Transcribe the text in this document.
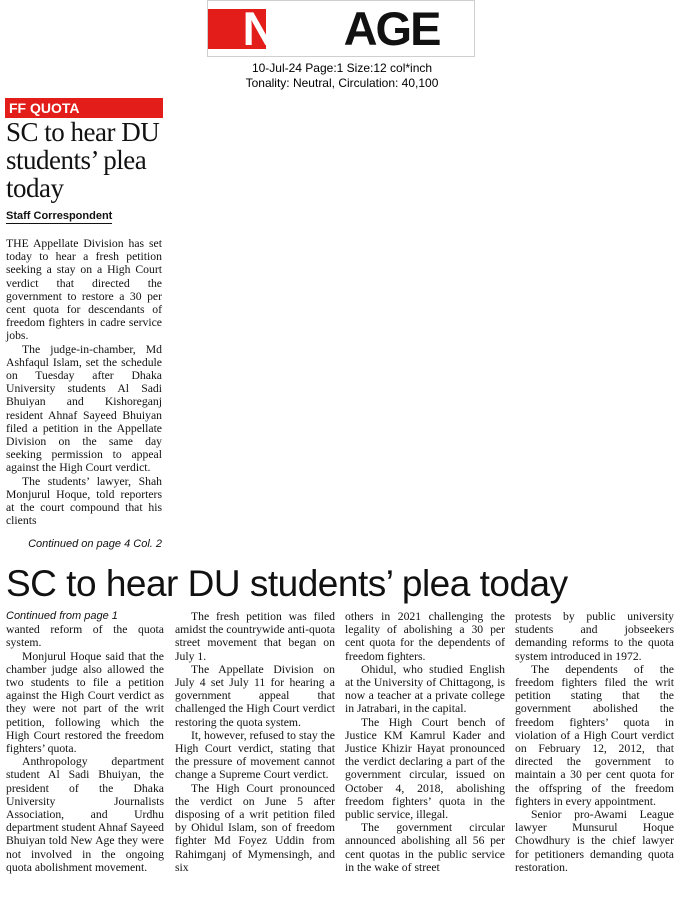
NEWAGE
10-Jul-24 Page:1 Size:12 col*inch
Tonality: Neutral, Circulation: 40,100
FF QUOTA
SC to hear DU students’ plea today
Staff Correspondent

THE Appellate Division has set today to hear a fresh petition seeking a stay on a High Court verdict that directed the government to restore a 30 per cent quota for descendants of freedom fighters in cadre service jobs.

The judge-in-chamber, Md Ashfaqul Islam, set the schedule on Tuesday after Dhaka University students Al Sadi Bhuiyan and Kishoreganj resident Ahnaf Sayeed Bhuiyan filed a petition in the Appellate Division on the same day seeking permission to appeal against the High Court verdict.

The students’ lawyer, Shah Monjurul Hoque, told reporters at the court compound that his clients

Continued on page 4 Col. 2
SC to hear DU students’ plea today
Continued from page 1

wanted reform of the quota system.

Monjurul Hoque said that the chamber judge also allowed the two students to file a petition against the High Court verdict as they were not part of the writ petition, following which the High Court restored the freedom fighters’ quota.

Anthropology department student Al Sadi Bhuiyan, the president of the Dhaka University Journalists Association, and Urdhu department student Ahnaf Sayeed Bhuiyan told New Age they were not involved in the ongoing quota abolishment movement.

The fresh petition was filed amidst the countrywide anti-quota street movement that began on July 1.

The Appellate Division on July 4 set July 11 for hearing a government appeal that challenged the High Court verdict restoring the quota system.

It, however, refused to stay the High Court verdict, stating that the pressure of movement cannot change a Supreme Court verdict.

The High Court pronounced the verdict on June 5 after disposing of a writ petition filed by Ohidul Islam, son of freedom fighter Md Foyez Uddin from Rahimganj of Mymensingh, and six

others in 2021 challenging the legality of abolishing a 30 per cent quota for the dependents of freedom fighters.

Ohidul, who studied English at the University of Chittagong, is now a teacher at a private college in Jatrabari, in the capital.

The High Court bench of Justice KM Kamrul Kader and Justice Khizir Hayat pronounced the verdict declaring a part of the government circular, issued on October 4, 2018, abolishing freedom fighters’ quota in the public service, illegal.

The government circular announced abolishing all 56 per cent quotas in the public service in the wake of street

protests by public university students and jobseekers demanding reforms to the quota system introduced in 1972.

The dependents of the freedom fighters filed the writ petition stating that the government abolished the freedom fighters’ quota in violation of a High Court verdict on February 12, 2012, that directed the government to maintain a 30 per cent quota for the offspring of the freedom fighters in every appointment.

Senior pro-Awami League lawyer Munsurul Hoque Chowdhury is the chief lawyer for petitioners demanding quota restoration.
